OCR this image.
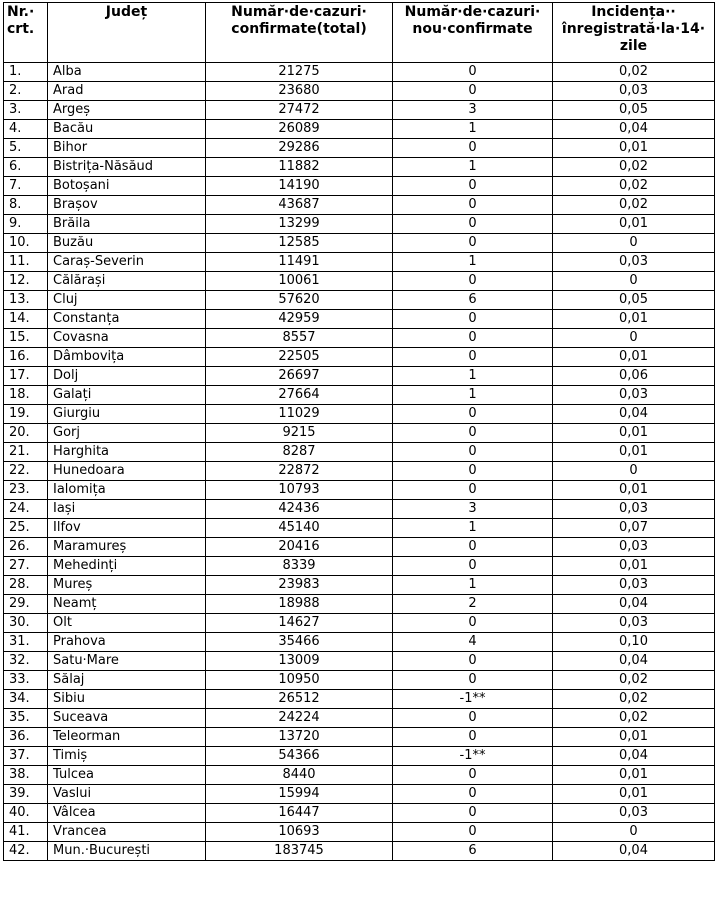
Nr.· crt.	Județ	Număr·de·cazuri· confirmate(total)	Număr·de·cazuri· nou·confirmate	Incidența·· înregistrată·la·14· zile
1.	Alba	21275	0	0,02
2.	Arad	23680	0	0,03
3.	Argeș	27472	3	0,05
4.	Bacău	26089	1	0,04
5.	Bihor	29286	0	0,01
6.	Bistrița-Năsăud	11882	1	0,02
7.	Botoșani	14190	0	0,02
8.	Brașov	43687	0	0,02
9.	Brăila	13299	0	0,01
10.	Buzău	12585	0	0
11.	Caraș-Severin	11491	1	0,03
12.	Călărași	10061	0	0
13.	Cluj	57620	6	0,05
14.	Constanța	42959	0	0,01
15.	Covasna	8557	0	0
16.	Dâmbovița	22505	0	0,01
17.	Dolj	26697	1	0,06
18.	Galați	27664	1	0,03
19.	Giurgiu	11029	0	0,04
20.	Gorj	9215	0	0,01
21.	Harghita	8287	0	0,01
22.	Hunedoara	22872	0	0
23.	Ialomița	10793	0	0,01
24.	Iași	42436	3	0,03
25.	Ilfov	45140	1	0,07
26.	Maramureș	20416	0	0,03
27.	Mehedinți	8339	0	0,01
28.	Mureș	23983	1	0,03
29.	Neamț	18988	2	0,04
30.	Olt	14627	0	0,03
31.	Prahova	35466	4	0,10
32.	Satu·Mare	13009	0	0,04
33.	Sălaj	10950	0	0,02
34.	Sibiu	26512	-1**	0,02
35.	Suceava	24224	0	0,02
36.	Teleorman	13720	0	0,01
37.	Timiș	54366	-1**	0,04
38.	Tulcea	8440	0	0,01
39.	Vaslui	15994	0	0,01
40.	Vâlcea	16447	0	0,03
41.	Vrancea	10693	0	0
42.	Mun.·București	183745	6	0,04
